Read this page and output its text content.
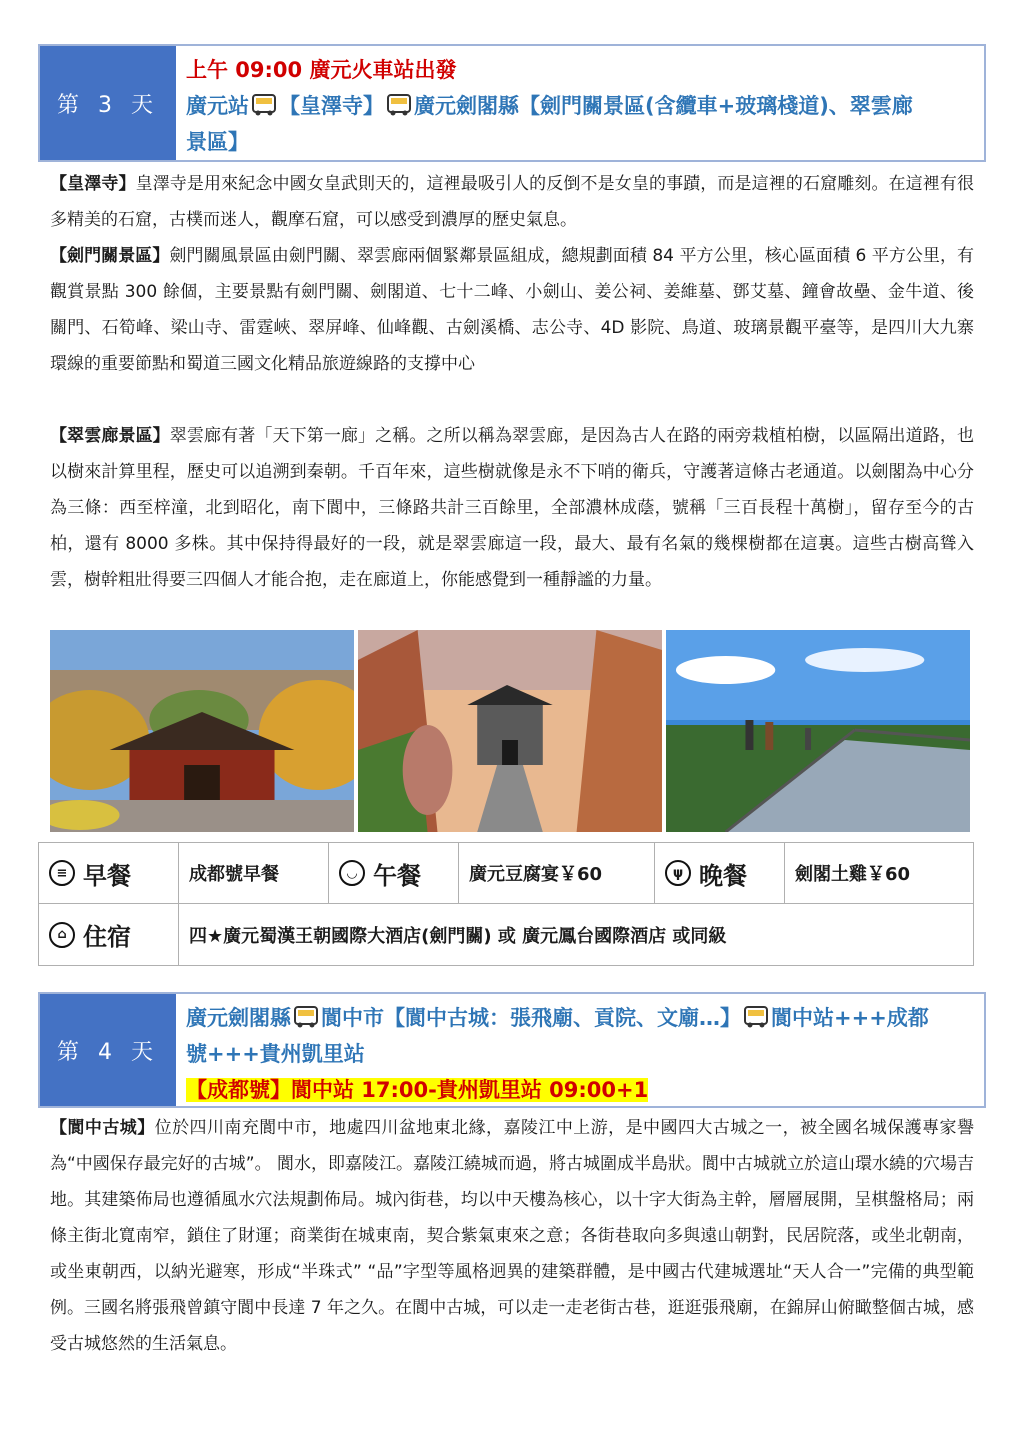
第 3 天
上午 09:00 廣元火車站出發
廣元站 【皇澤寺】 廣元劍閣縣【劍門關景區(含纜車+玻璃棧道)、翠雲廊
景區】
【皇澤寺】皇澤寺是用來紀念中國女皇武則天的，這裡最吸引人的反倒不是女皇的事蹟，而是這裡的石窟雕刻。在這裡有很多精美的石窟，古樸而迷人，觀摩石窟，可以感受到濃厚的歷史氣息。
【劍門關景區】劍門關風景區由劍門關、翠雲廊兩個緊鄰景區組成，總規劃面積 84 平方公里，核心區面積 6 平方公里，有觀賞景點 300 餘個，主要景點有劍門關、劍閣道、七十二峰、小劍山、姜公祠、姜維墓、鄧艾墓、鐘會故壘、金牛道、後關門、石筍峰、梁山寺、雷霆峽、翠屏峰、仙峰觀、古劍溪橋、志公寺、4D 影院、鳥道、玻璃景觀平臺等，是四川大九寨環線的重要節點和蜀道三國文化精品旅遊線路的支撐中心
【翠雲廊景區】翠雲廊有著「天下第一廊」之稱。之所以稱為翠雲廊，是因為古人在路的兩旁栽植柏樹，以區隔出道路，也以樹來計算里程，歷史可以追溯到秦朝。千百年來，這些樹就像是永不下哨的衛兵，守護著這條古老通道。以劍閣為中心分為三條：西至梓潼，北到昭化，南下閬中，三條路共計三百餘里，全部濃林成蔭，號稱「三百長程十萬樹」，留存至今的古柏，還有 8000 多株。其中保持得最好的一段，就是翠雲廊這一段，最大、最有名氣的幾棵樹都在這裏。這些古樹高聳入雲，樹幹粗壯得要三四個人才能合抱，走在廊道上，你能感覺到一種靜謐的力量。
≡ 早餐	成都號早餐	◡ 午餐	廣元豆腐宴￥60	ψ 晚餐	劍閣土雞￥60
⌂ 住宿	四★廣元蜀漢王朝國際大酒店(劍門關) 或 廣元鳳台國際酒店 或同級
第 4 天
廣元劍閣縣 閬中市【閬中古城：張飛廟、貢院、文廟…】 閬中站+++成都
號+++貴州凱里站
【成都號】閬中站 17:00-貴州凱里站 09:00+1
【閬中古城】位於四川南充閬中市，地處四川盆地東北緣，嘉陵江中上游，是中國四大古城之一，被全國名城保護專家譽為“中國保存最完好的古城”。 閬水，即嘉陵江。嘉陵江繞城而過，將古城圍成半島狀。閬中古城就立於這山環水繞的穴場吉地。其建築佈局也遵循風水穴法規劃佈局。城內街巷，均以中天樓為核心，以十字大街為主幹，層層展開，呈棋盤格局；兩條主街北寬南窄，鎖住了財運；商業街在城東南，契合紫氣東來之意；各街巷取向多與遠山朝對，民居院落，或坐北朝南，或坐東朝西，以納光避寒，形成“半珠式” “品”字型等風格迥異的建築群體，是中國古代建城選址“天人合一”完備的典型範例。三國名將張飛曾鎮守閬中長達 7 年之久。在閬中古城，可以走一走老街古巷，逛逛張飛廟，在錦屏山俯瞰整個古城，感受古城悠然的生活氣息。
